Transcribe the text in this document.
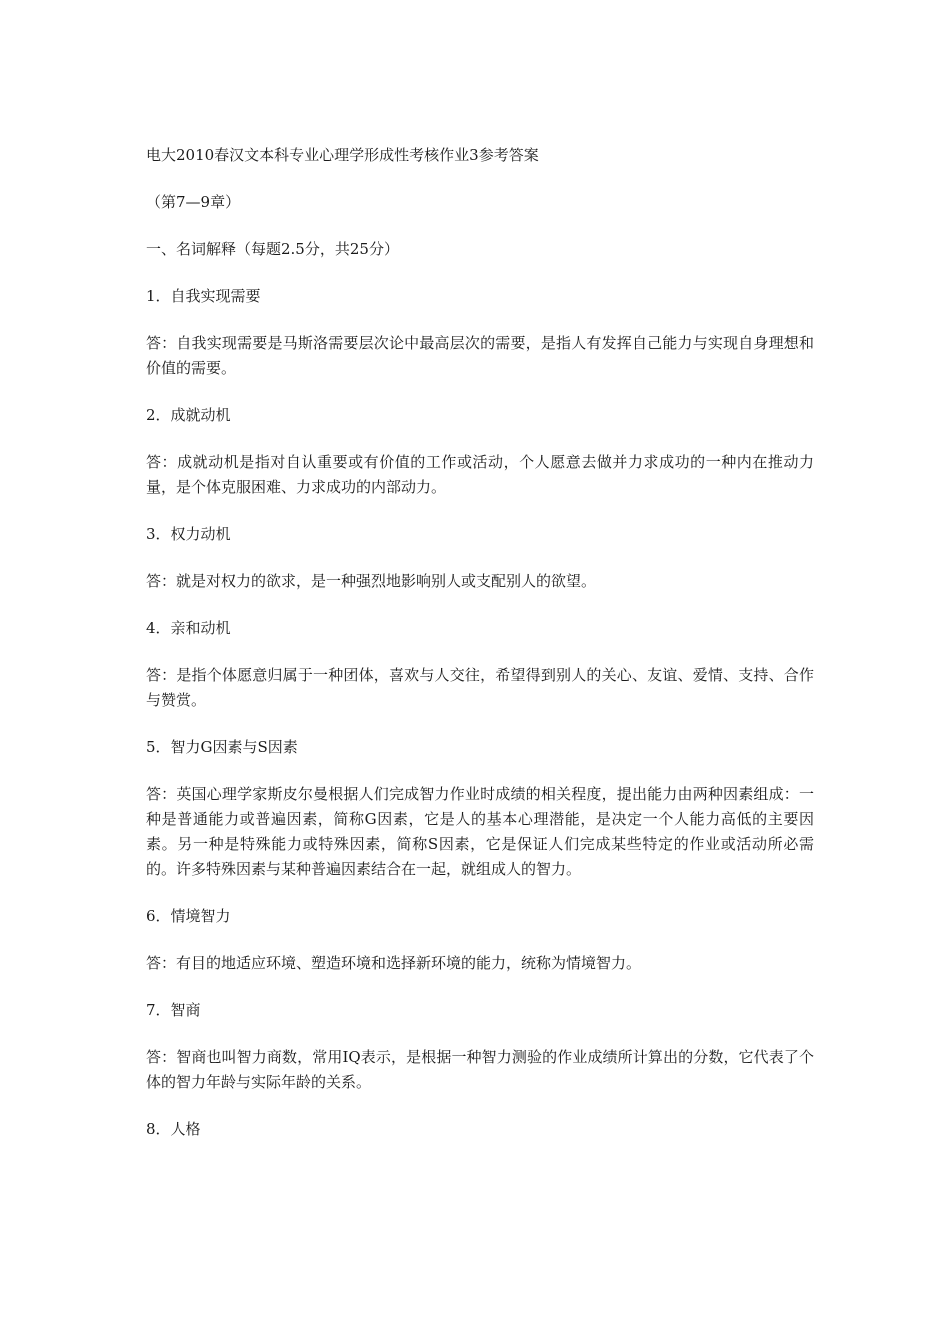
电大2010春汉文本科专业心理学形成性考核作业3参考答案

（第7—9章）

一、名词解释（每题2.5分，共25分）

1．自我实现需要

答：自我实现需要是马斯洛需要层次论中最高层次的需要，是指人有发挥自己能力与实现自身理想和价值的需要。

2．成就动机

答：成就动机是指对自认重要或有价值的工作或活动，个人愿意去做并力求成功的一种内在推动力量，是个体克服困难、力求成功的内部动力。

3．权力动机

答：就是对权力的欲求，是一种强烈地影响别人或支配别人的欲望。

4．亲和动机

答：是指个体愿意归属于一种团体，喜欢与人交往，希望得到别人的关心、友谊、爱情、支持、合作与赞赏。

5．智力G因素与S因素

答：英国心理学家斯皮尔曼根据人们完成智力作业时成绩的相关程度，提出能力由两种因素组成：一种是普通能力或普遍因素，简称G因素，它是人的基本心理潜能，是决定一个人能力高低的主要因素。另一种是特殊能力或特殊因素，简称S因素，它是保证人们完成某些特定的作业或活动所必需的。许多特殊因素与某种普遍因素结合在一起，就组成人的智力。

6．情境智力

答：有目的地适应环境、塑造环境和选择新环境的能力，统称为情境智力。

7．智商

答：智商也叫智力商数，常用IQ表示，是根据一种智力测验的作业成绩所计算出的分数，它代表了个体的智力年龄与实际年龄的关系。

8．人格
